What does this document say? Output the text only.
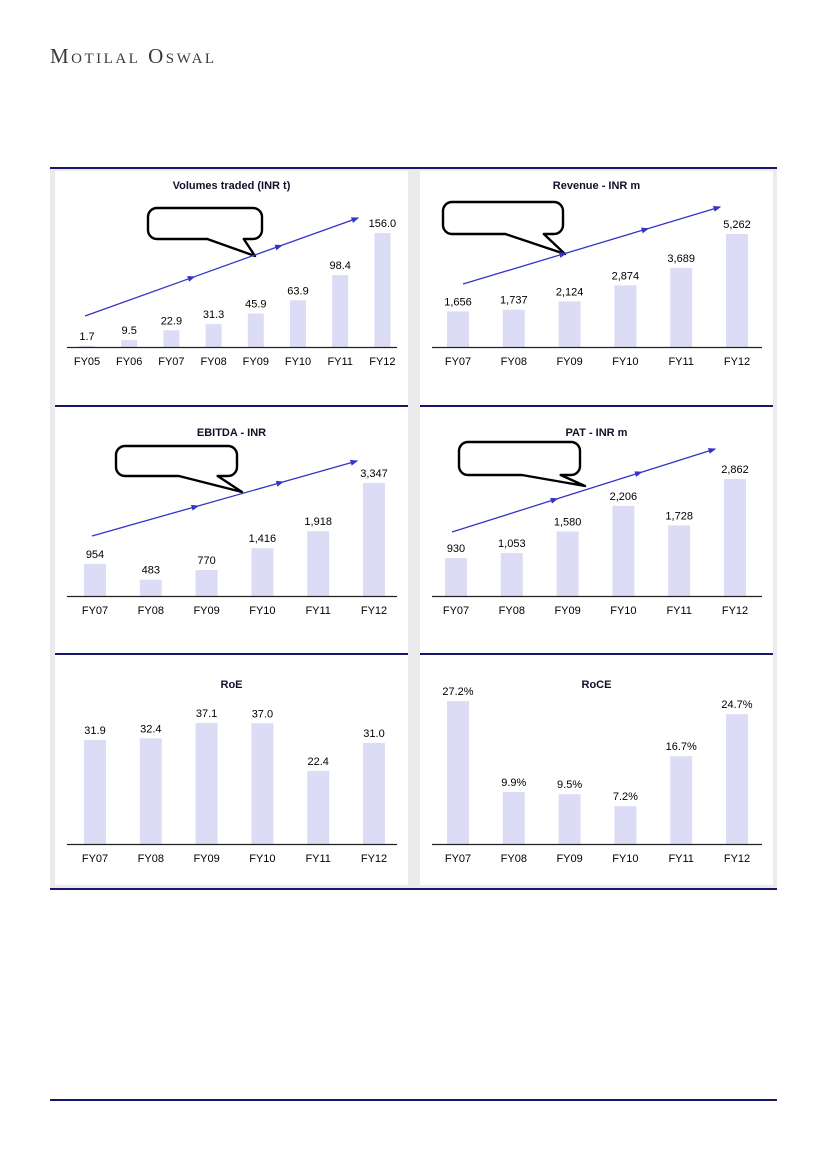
Motilal Oswal
Volumes traded (INR t)
1.7 9.5
22.9
31.3
45.9
63.9
98.4
156.0
FY05 FY06 FY07 FY08 FY09 FY10 FY11 FY12
Revenue - INR m
1,656	1,737
2,124
2,874
3,689
5,262
FY07	FY08	FY09	FY10	FY11	FY12
EBITDA - INR
954
483
770
1,416
1,918
3,347
FY07	FY08	FY09	FY10	FY11	FY12
PAT - INR m
930	1,053
1,580
2,206
1,728
2,862
FY07	FY08	FY09	FY10	FY11	FY12
RoE
31.9	32.4
37.1	37.0
22.4
31.0
FY07	FY08	FY09	FY10	FY11	FY12
RoCE
27.2%
9.9%	9.5%
7.2%
16.7%
24.7%
FY07	FY08	FY09	FY10	FY11	FY12
